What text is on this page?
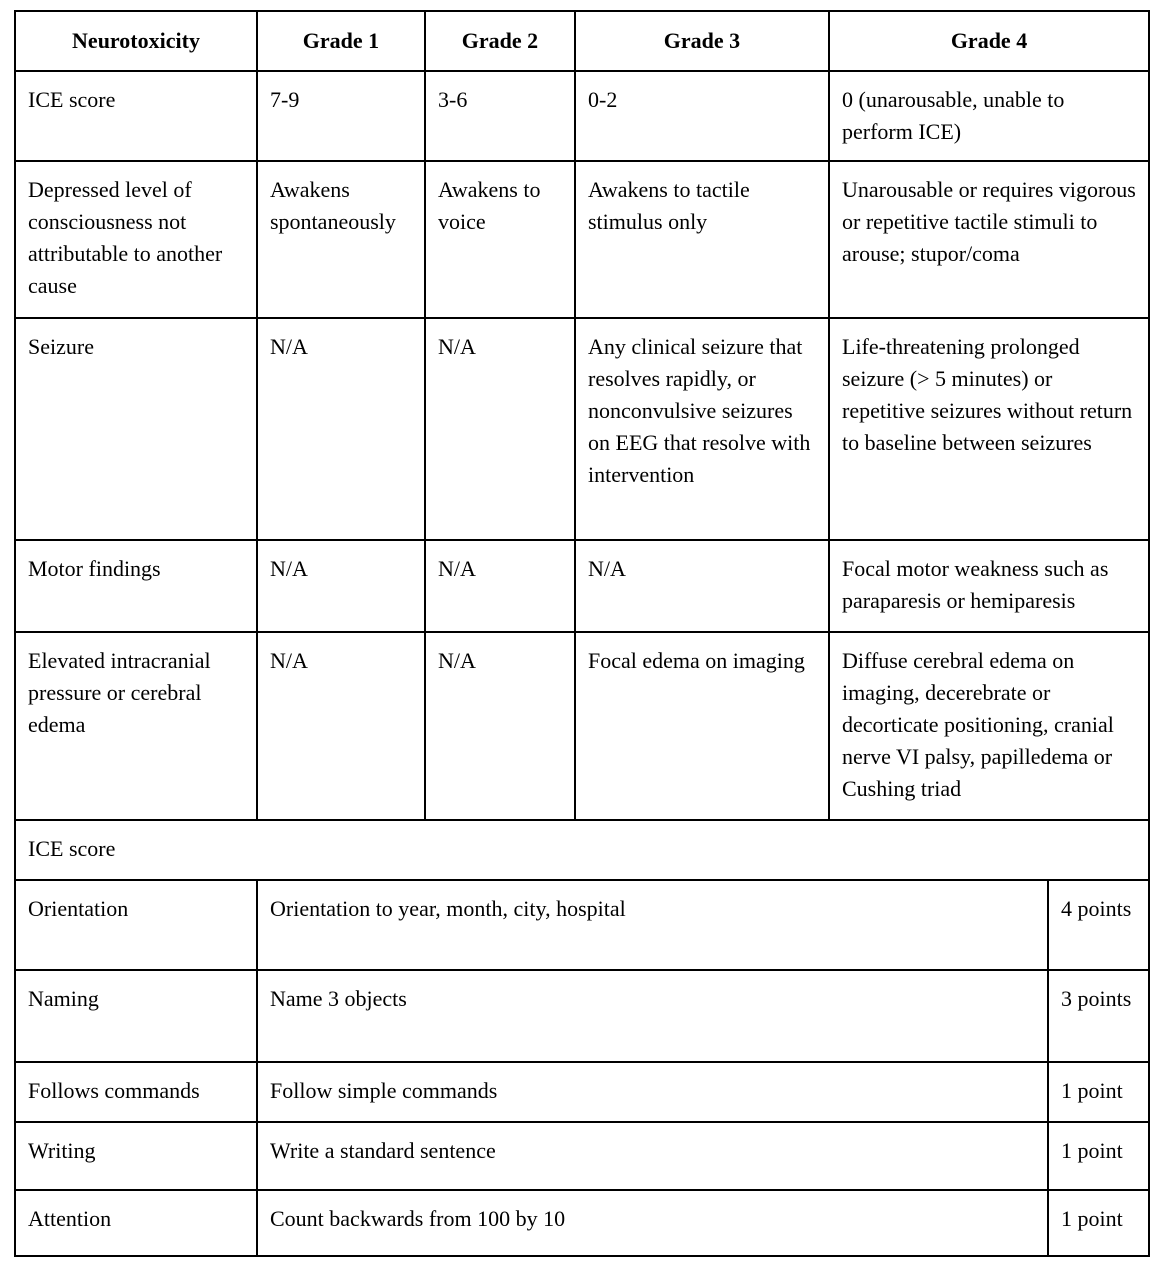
Neurotoxicity	Grade 1	Grade 2	Grade 3	Grade 4	
ICE score	7-9	3-6	0-2	0 (unarousable, unable to perform ICE)	
Depressed level of consciousness not attributable to another cause	Awakens spontaneously	Awakens to voice	Awakens to tactile stimulus only	Unarousable or requires vigorous or repetitive tactile stimuli to arouse; stupor/coma	
Seizure	N/A	N/A	Any clinical seizure that resolves rapidly, or nonconvulsive seizures on EEG that resolve with intervention	Life-threatening prolonged seizure (> 5 minutes) or repetitive seizures without return to baseline between seizures	
Motor findings	N/A	N/A	N/A	Focal motor weakness such as paraparesis or hemiparesis	
Elevated intracranial pressure or cerebral edema	N/A	N/A	Focal edema on imaging	Diffuse cerebral edema on imaging, decerebrate or decorticate positioning, cranial nerve VI palsy, papilledema or Cushing triad	
ICE score					
Orientation	Orientation to year, month, city, hospital				4 points
Naming	Name 3 objects				3 points
Follows commands	Follow simple commands				1 point
Writing	Write a standard sentence				1 point
Attention	Count backwards from 100 by 10				1 point
